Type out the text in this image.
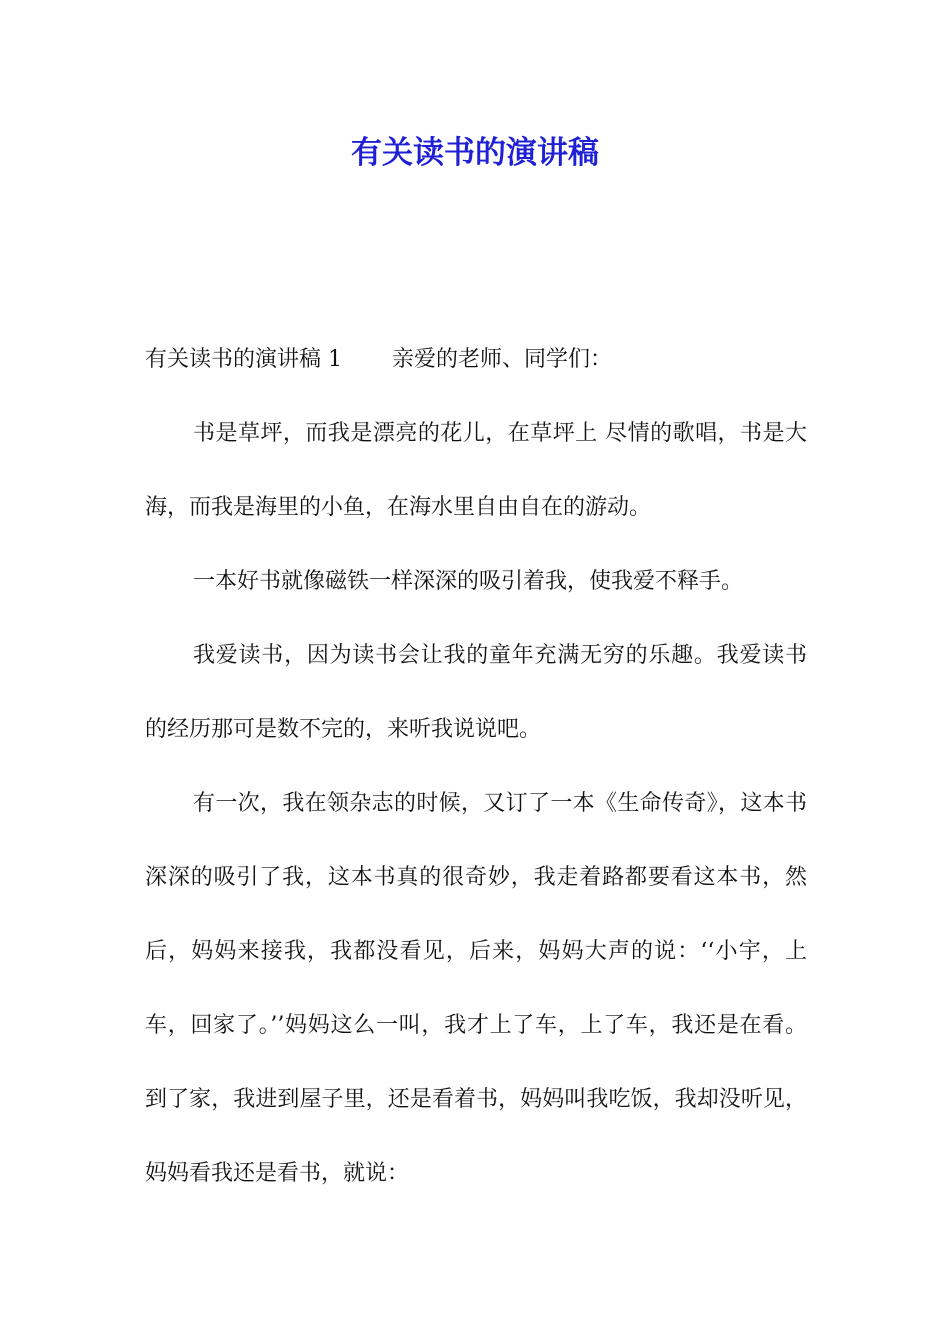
有关读书的演讲稿

有关读书的演讲稿 1 亲爱的老师、同学们：

书是草坪，而我是漂亮的花儿，在草坪上 尽情的歌唱，书是大海，而我是海里的小鱼，在海水里自由自在的游动。

一本好书就像磁铁一样深深的吸引着我，使我爱不释手。

我爱读书，因为读书会让我的童年充满无穷的乐趣。我爱读书的经历那可是数不完的，来听我说说吧。

有一次，我在领杂志的时候，又订了一本《生命传奇》，这本书深深的吸引了我，这本书真的很奇妙，我走着路都要看这本书，然后，妈妈来接我，我都没看见，后来，妈妈大声的说：‘‘小宇，上车，回家了。’’妈妈这么一叫，我才上了车，上了车，我还是在看。到了家，我进到屋子里，还是看着书，妈妈叫我吃饭，我却没听见，妈妈看我还是看书，就说：
